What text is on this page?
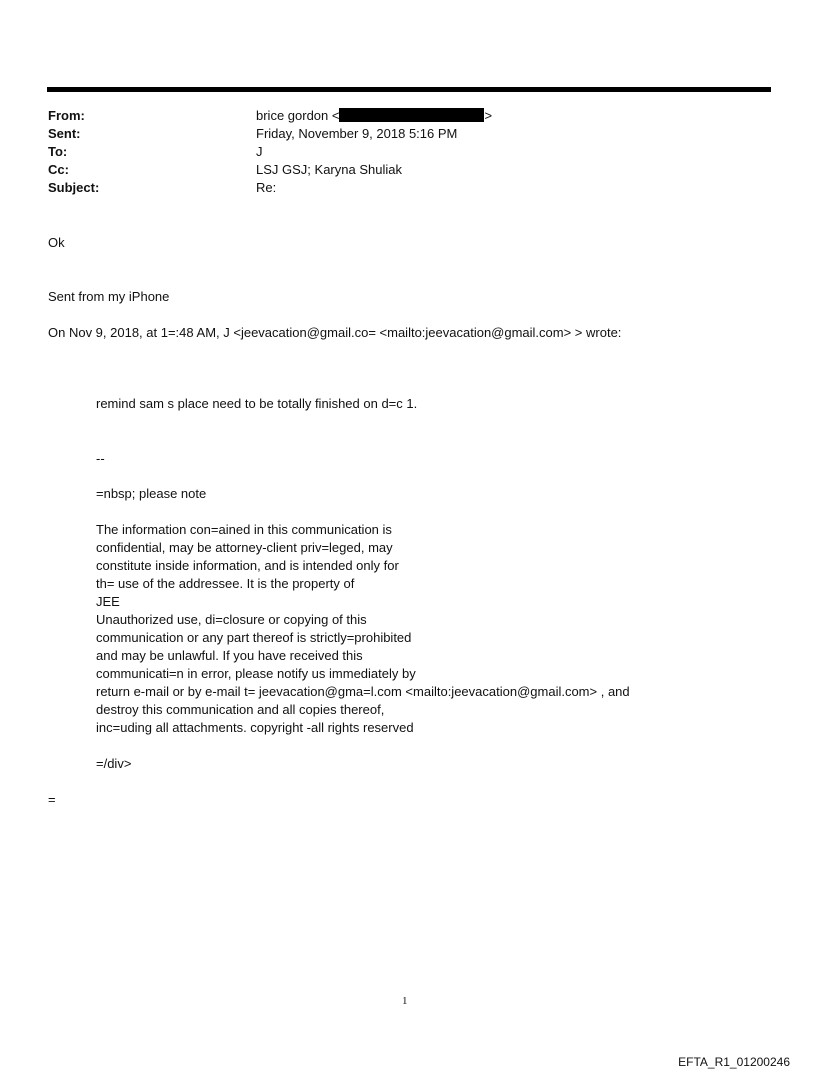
From:	brice gordon <	>
Sent:	Friday, November 9, 2018 5:16 PM
To:	J
Cc:	LSJ GSJ; Karyna Shuliak
Subject:	Re:
Ok
Sent from my iPhone
On Nov 9, 2018, at 1=:48 AM, J <jeevacation@gmail.co= <mailto:jeevacation@gmail.com> > wrote:
remind sam s place need to be totally finished on d=c 1.
--
=nbsp; please note
The information con=ained in this communication is
confidential, may be attorney-client priv=leged, may
constitute inside information, and is intended only for
th= use of the addressee. It is the property of
JEE
Unauthorized use, di=closure or copying of this
communication or any part thereof is strictly=prohibited
and may be unlawful. If you have received this
communicati=n in error, please notify us immediately by
return e-mail or by e-mail t= jeevacation@gma=l.com <mailto:jeevacation@gmail.com> , and
destroy this communication and all copies thereof,
inc=uding all attachments. copyright -all rights reserved
=/div>
=
1
EFTA_R1_01200246
